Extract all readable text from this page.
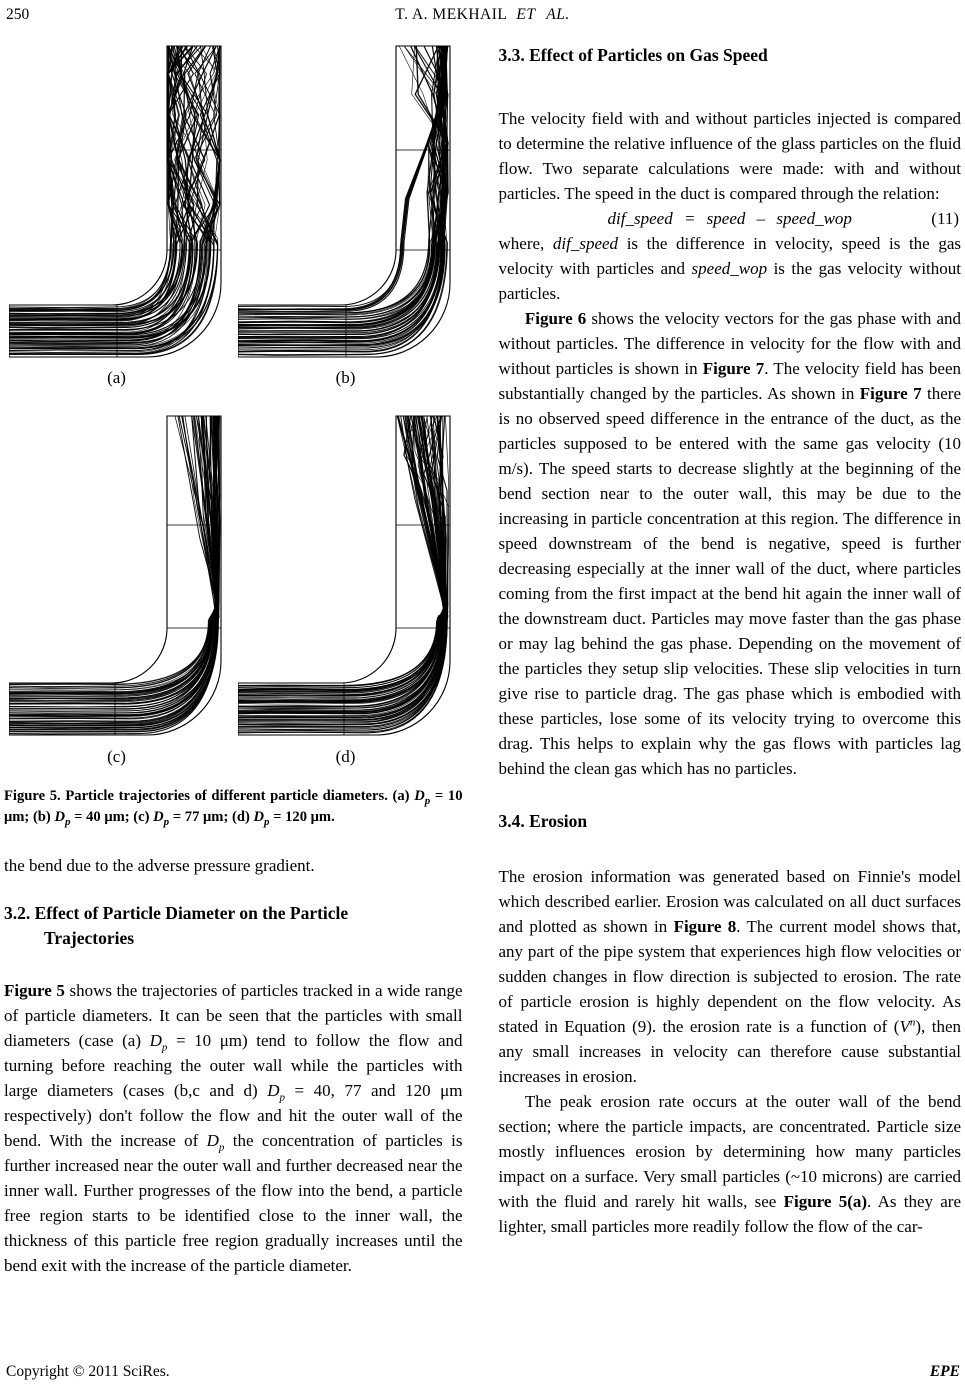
250	T. A. MEKHAIL ET AL.
(a)	(b)
(c)	(d)
Figure 5. Particle trajectories of different particle diameters. (a) $D_p = 10$ μm; (b) $D_p = 40$ μm; (c) $D_p = 77$ μm; (d) $D_p = 120$ μm.

the bend due to the adverse pressure gradient.

3.2. Effect of Particle Diameter on the Particle
Trajectories

Figure 5 shows the trajectories of particles tracked in a wide range of particle diameters. It can be seen that the particles with small diameters (case (a) $D_p = 10$ μm) tend to follow the flow and turning before reaching the outer wall while the particles with large diameters (cases (b,c and d) $D_p = 40$, 77 and 120 μm respectively) don't follow the flow and hit the outer wall of the bend. With the increase of $D_p$ the concentration of particles is further increased near the outer wall and further decreased near the inner wall. Further progresses of the flow into the bend, a particle free region starts to be identified close to the inner wall, the thickness of this particle free region gradually increases until the bend exit with the increase of the particle diameter.

3.3. Effect of Particles on Gas Speed

The velocity field with and without particles injected is compared to determine the relative influence of the glass particles on the fluid flow. Two separate calculations were made: with and without particles. The speed in the duct is compared through the relation:

dif_speed = speed – speed_wop	(11)

where, dif_speed is the difference in velocity, speed is the gas velocity with particles and speed_wop is the gas velocity without particles.

Figure 6 shows the velocity vectors for the gas phase with and without particles. The difference in velocity for the flow with and without particles is shown in Figure 7. The velocity field has been substantially changed by the particles. As shown in Figure 7 there is no observed speed difference in the entrance of the duct, as the particles supposed to be entered with the same gas velocity (10 m/s). The speed starts to decrease slightly at the beginning of the bend section near to the outer wall, this may be due to the increasing in particle concentration at this region. The difference in speed downstream of the bend is negative, speed is further decreasing especially at the inner wall of the duct, where particles coming from the first impact at the bend hit again the inner wall of the downstream duct. Particles may move faster than the gas phase or may lag behind the gas phase. Depending on the movement of the particles they setup slip velocities. These slip velocities in turn give rise to particle drag. The gas phase which is embodied with these particles, lose some of its velocity trying to overcome this drag. This helps to explain why the gas flows with particles lag behind the clean gas which has no particles.

3.4. Erosion

The erosion information was generated based on Finnie's model which described earlier. Erosion was calculated on all duct surfaces and plotted as shown in Figure 8. The current model shows that, any part of the pipe system that experiences high flow velocities or sudden changes in flow direction is subjected to erosion. The rate of particle erosion is highly dependent on the flow velocity. As stated in Equation (9). the erosion rate is a function of $(V^n)$, then any small increases in velocity can therefore cause substantial increases in erosion.

The peak erosion rate occurs at the outer wall of the bend section; where the particle impacts, are concentrated. Particle size mostly influences erosion by determining how many particles impact on a surface. Very small particles (~10 microns) are carried with the fluid and rarely hit walls, see Figure 5(a). As they are lighter, small particles more readily follow the flow of the car-

Copyright © 2011 SciRes.	EPE
